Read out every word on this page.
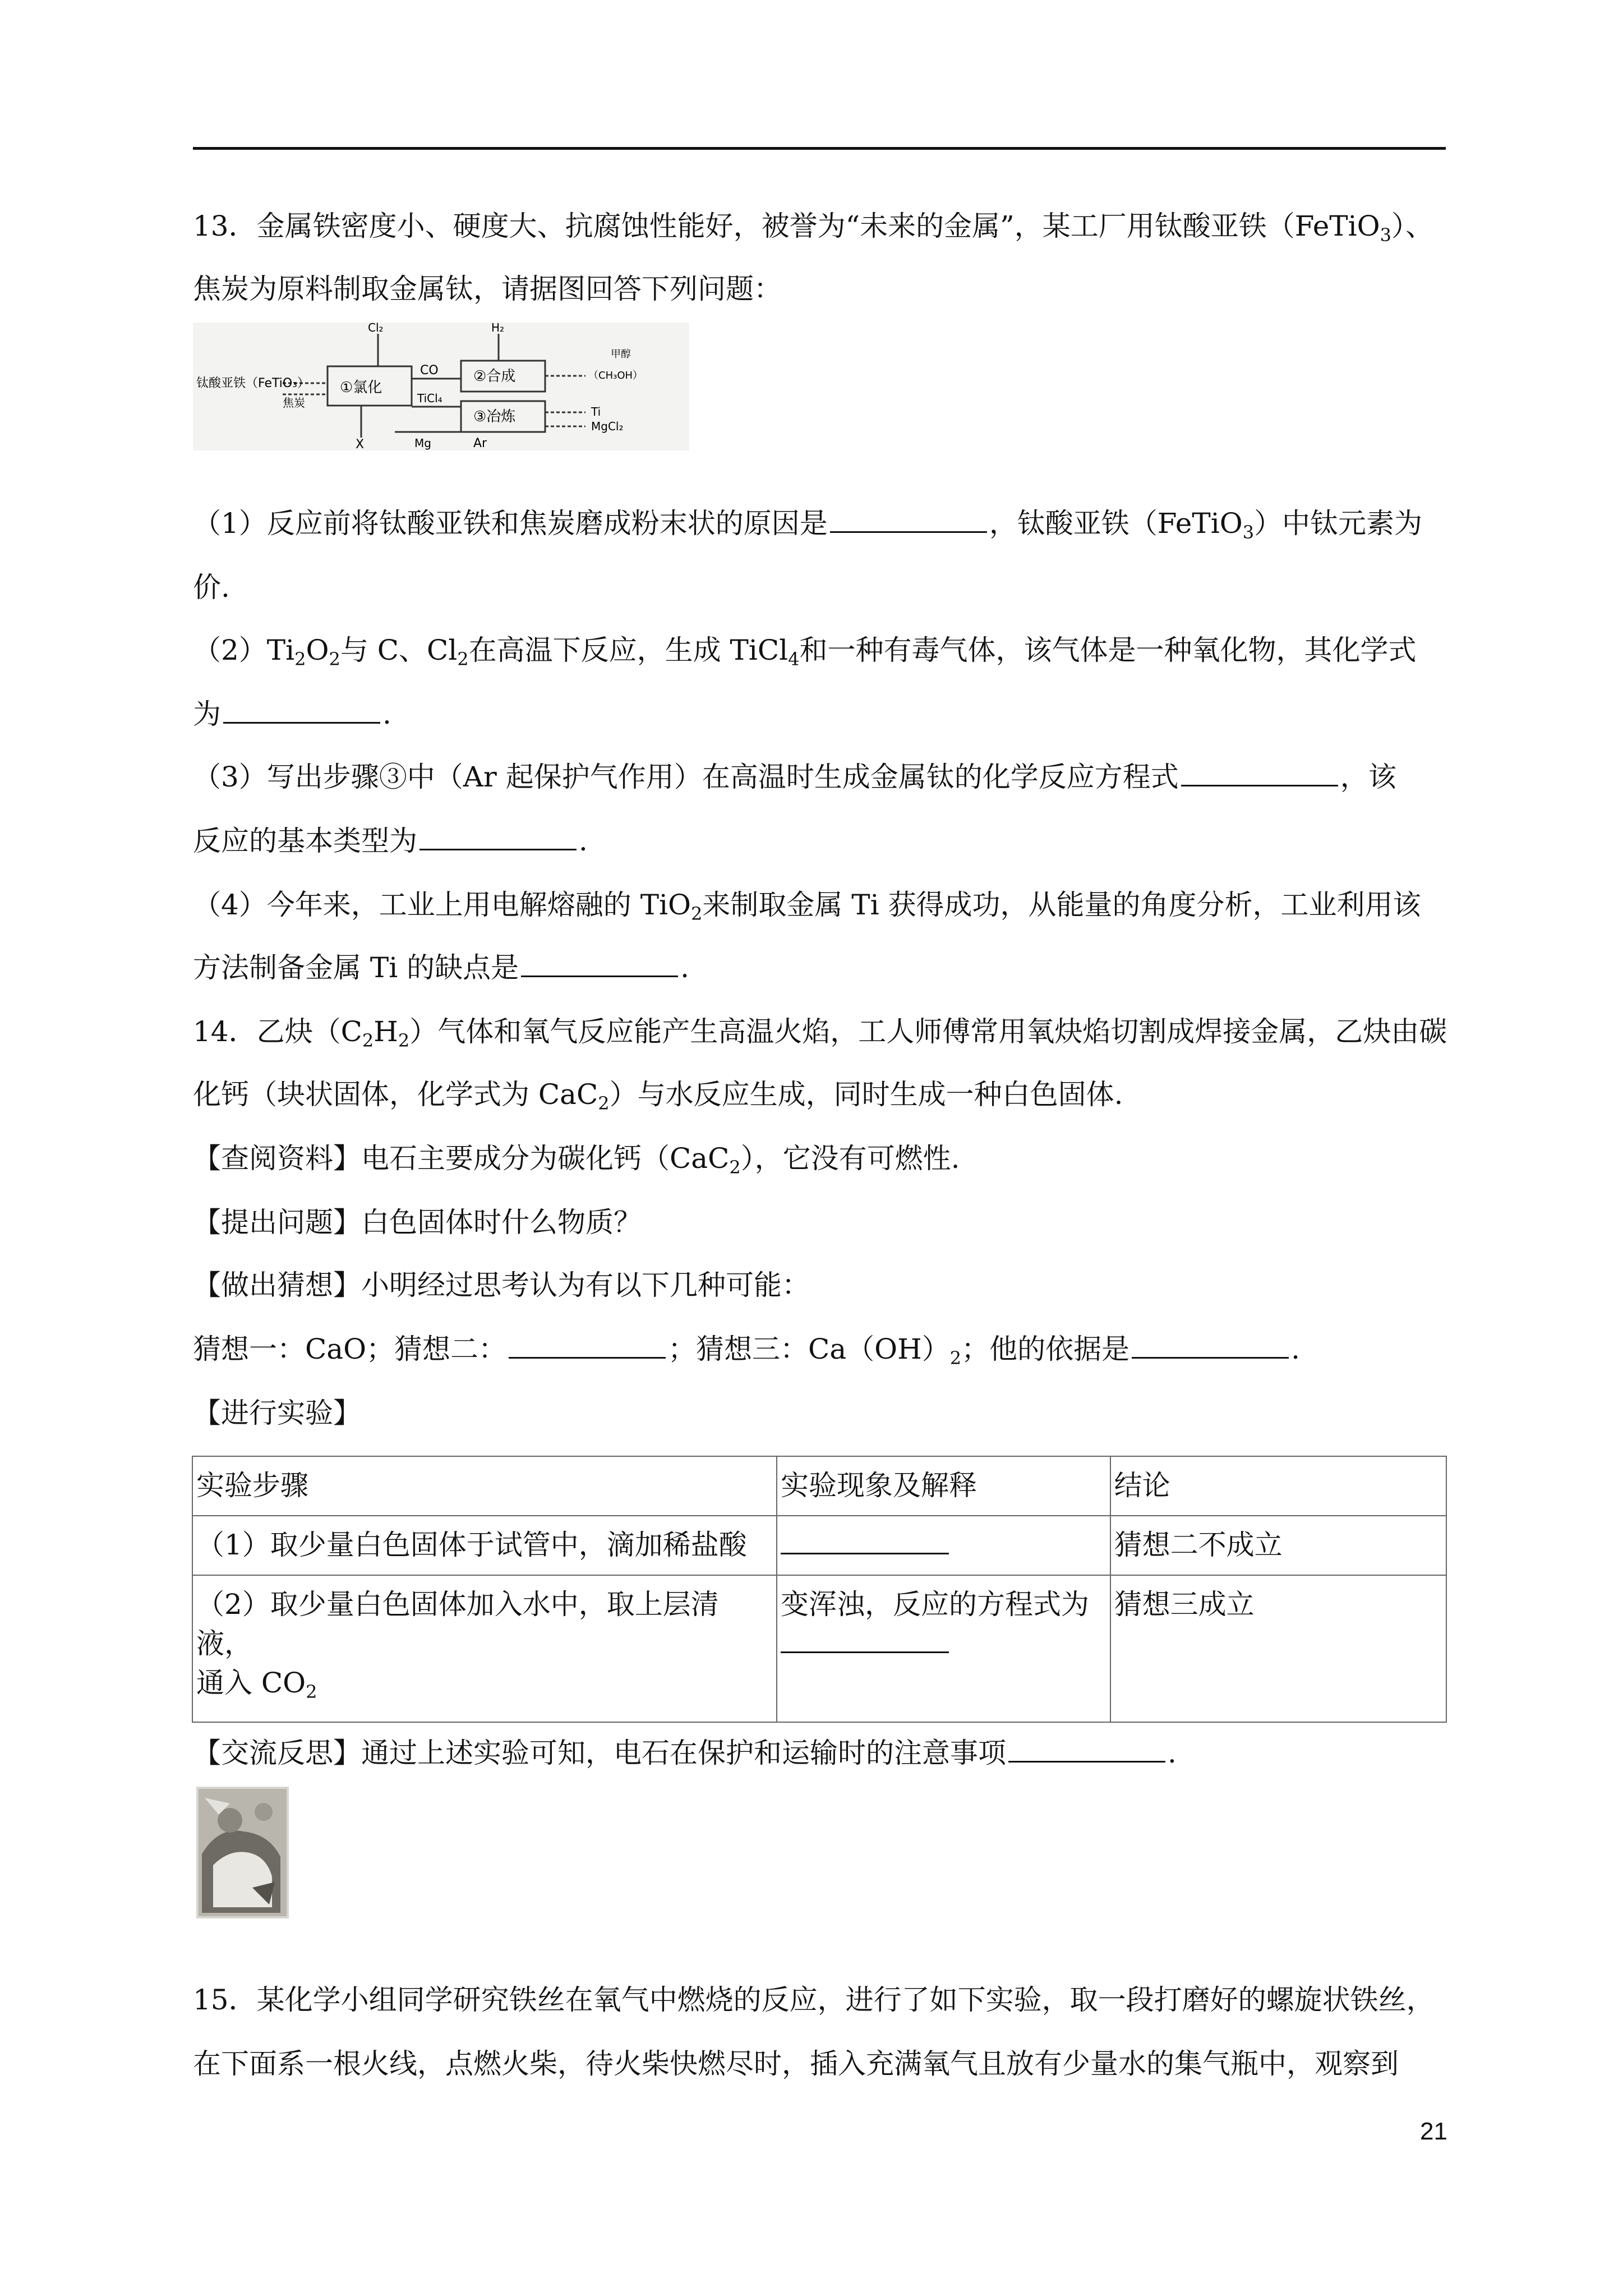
13．金属铁密度小、硬度大、抗腐蚀性能好，被誉为“未来的金属”，某工厂用钛酸亚铁（FeTiO$_3$）、
焦炭为原料制取金属钛，请据图回答下列问题：
钛酸亚铁（FeTiO₃）
焦炭
Cl₂
①氯化
CO
H₂
②合成
TiCl₄
③冶炼
X	Mg	Ar
甲醇
（CH₃OH）
Ti
MgCl₂
（1）反应前将钛酸亚铁和焦炭磨成粉末状的原因是	，钛酸亚铁（FeTiO$_3$）中钛元素为
价.
$(2)Ti_2O_2$与 C、$Cl_2$在高温下反应，生成 TiCl$_4$和一种有毒气体，该气体是一种氧化物，其化学式
为	.
（3）写出步骤③中（Ar 起保护气作用）在高温时生成金属钛的化学反应方程式	，该
反应的基本类型为	.
（4）今年来，工业上用电解熔融的 TiO$_2$来制取金属 Ti 获得成功，从能量的角度分析，工业利用该
方法制备金属 Ti 的缺点是	.
14．乙炔$(C_2H_2)$气体和氧气反应能产生高温火焰，工人师傅常用氧炔焰切割成焊接金属，乙炔由碳
化钙（块状固体，化学式为 CaC$_2$）与水反应生成，同时生成一种白色固体.
【查阅资料】电石主要成分为碳化钙（CaC$_2$），它没有可燃性.
【提出问题】白色固体时什么物质？
【做出猜想】小明经过思考认为有以下几种可能：
猜想一：CaO；猜想二：	；猜想三：$Ca(OH)_2$；他的依据是	.
【进行实验】
实验步骤	实验现象及解释	结论
（1）取少量白色固体于试管中，滴加稀盐酸		猜想二不成立

（2）取少量白色固体加入水中，取上层清液，
通入 $CO_2$	变浑浊，反应的方程式为	猜想三成立
【交流反思】通过上述实验可知，电石在保护和运输时的注意事项	.
15．某化学小组同学研究铁丝在氧气中燃烧的反应，进行了如下实验，取一段打磨好的螺旋状铁丝，
在下面系一根火线，点燃火柴，待火柴快燃尽时，插入充满氧气且放有少量水的集气瓶中，观察到
21
